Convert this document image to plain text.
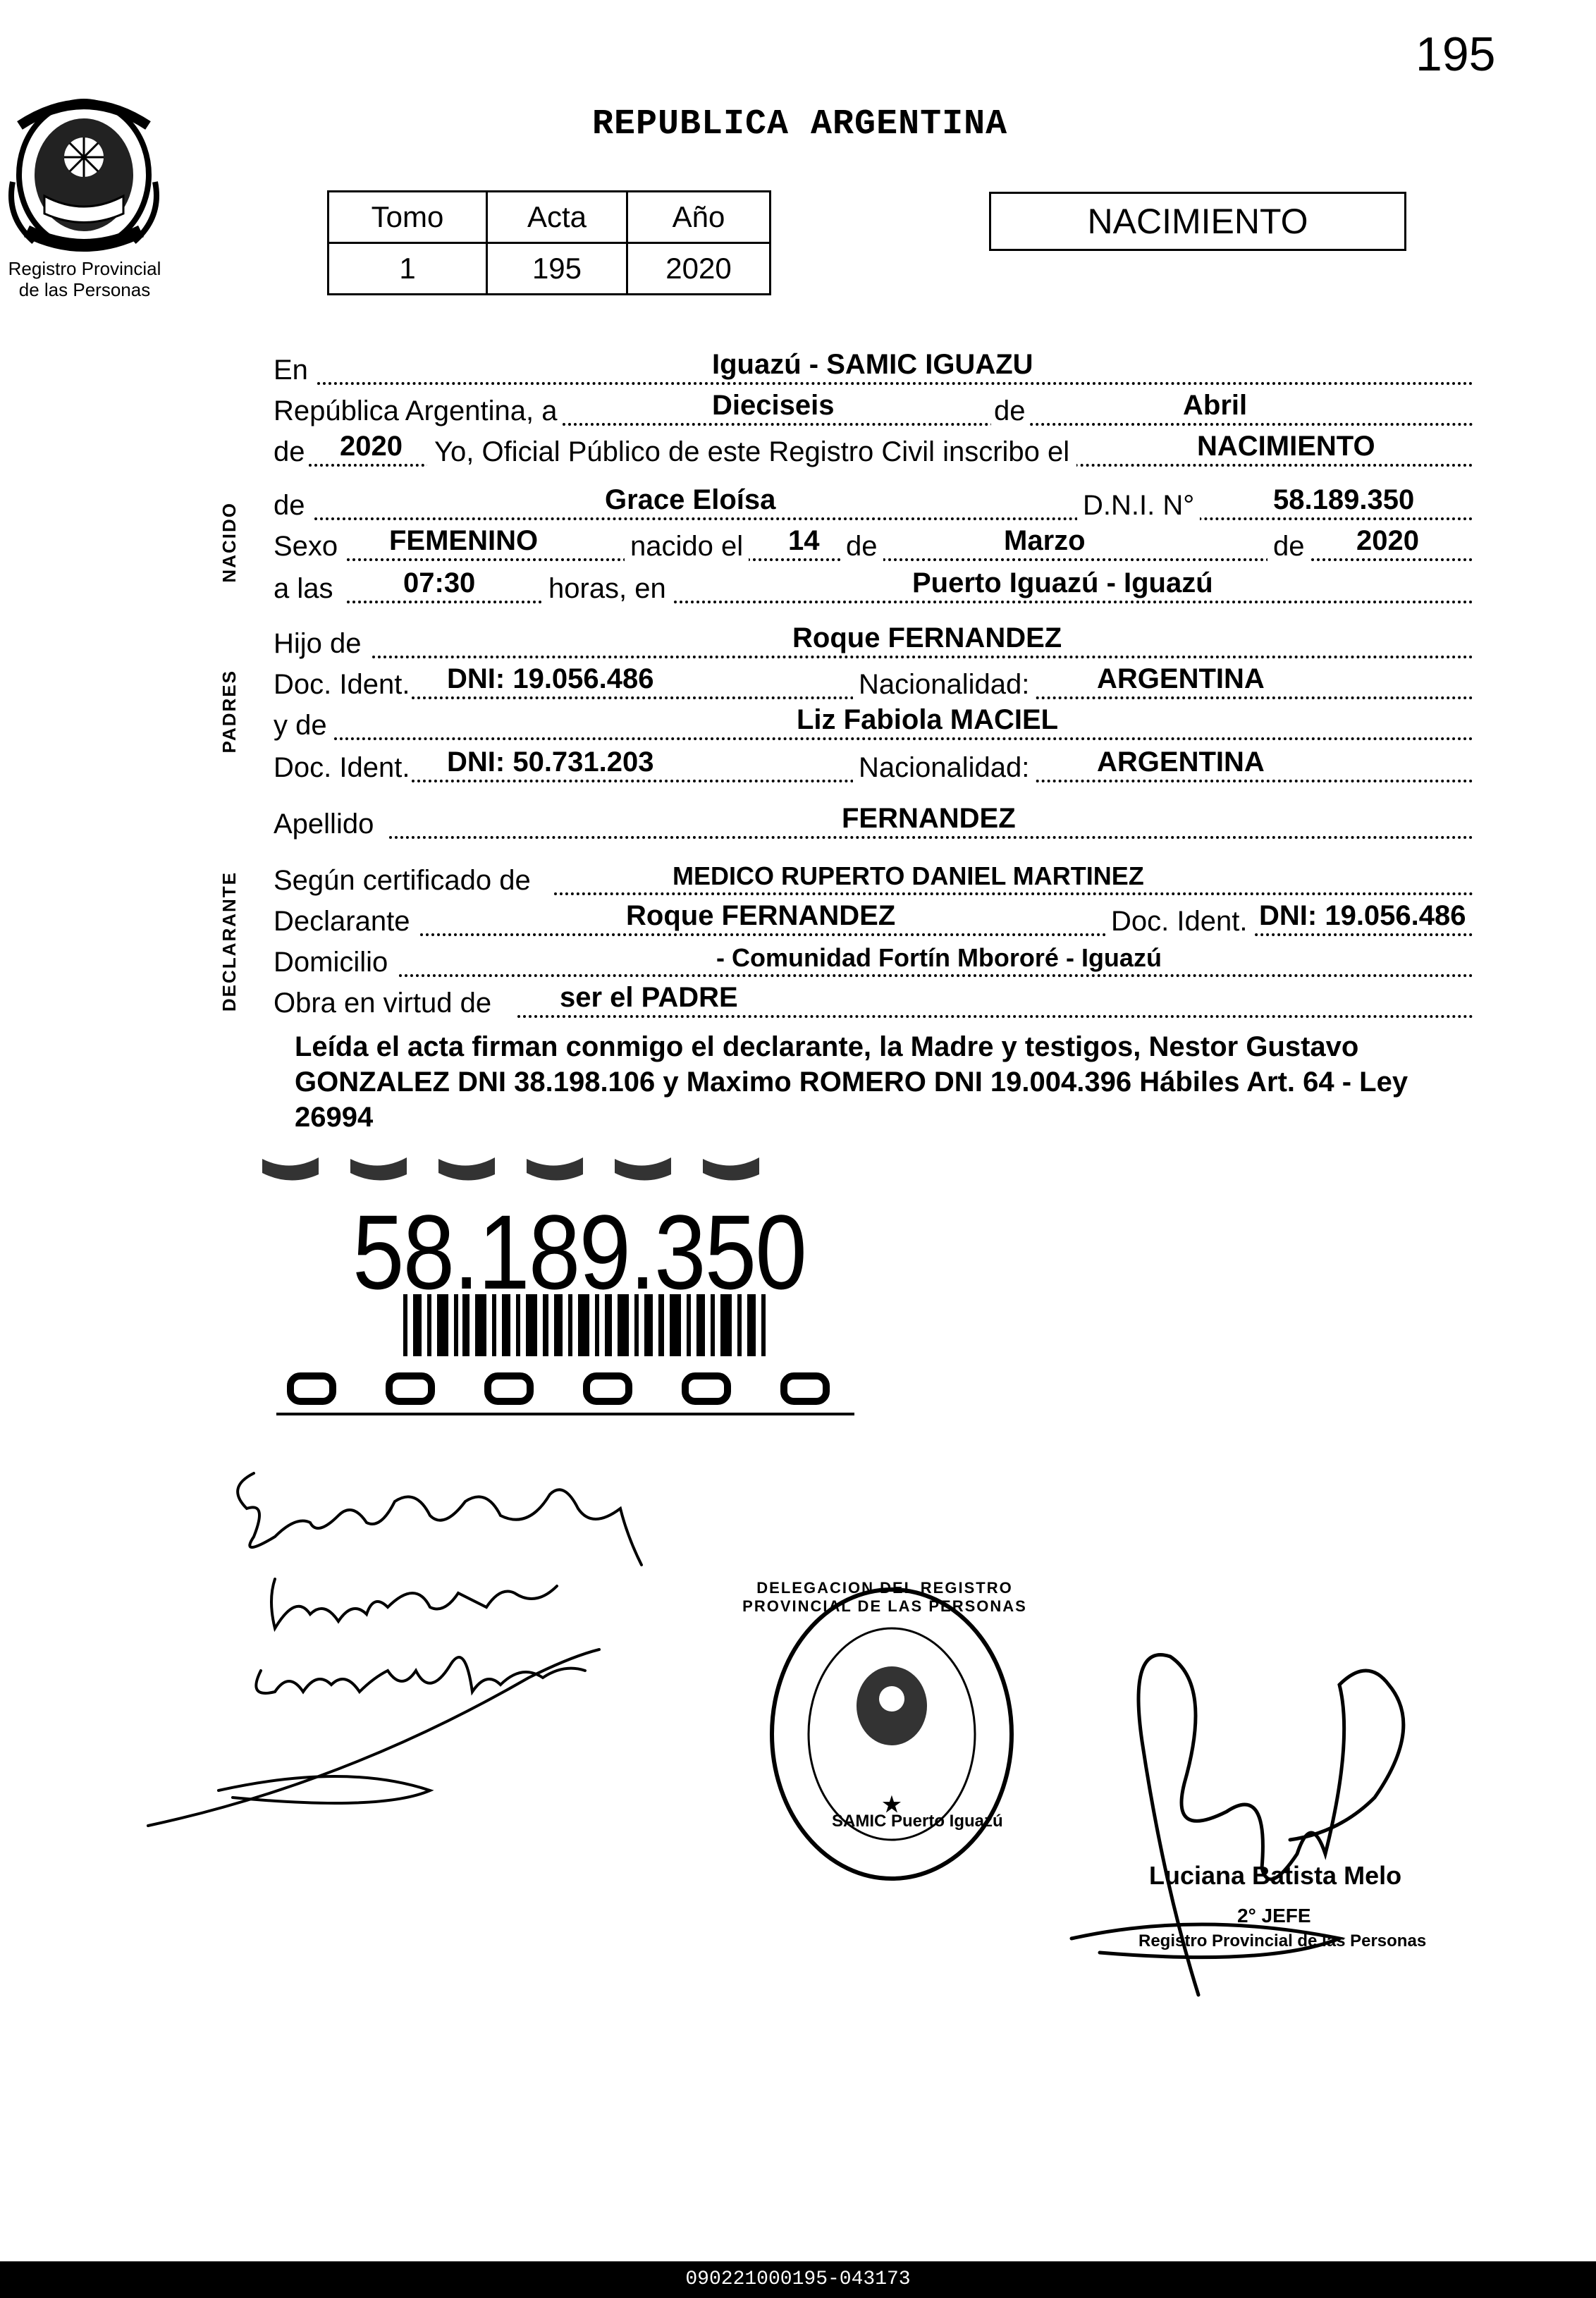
195
REPUBLICA ARGENTINA
Registro Provincial
de las Personas
Tomo	Acta	Año
1	195	2020
NACIMIENTO
NACIDO
PADRES
DECLARANTE
En	Iguazú - SAMIC IGUAZU
República Argentina, a	Dieciseis	de	Abril
de 2020 Yo, Oficial Público de este Registro Civil inscribo el	NACIMIENTO
de	Grace Eloísa	D.N.I. N°	58.189.350
Sexo FEMENINO	nacido el 14 de	Marzo	de 2020
a las 07:30	horas, en	Puerto Iguazú - Iguazú
Hijo de	Roque FERNANDEZ
Doc. Ident. DNI: 19.056.486	Nacionalidad: ARGENTINA
y de	Liz Fabiola MACIEL
Doc. Ident. DNI: 50.731.203	Nacionalidad: ARGENTINA
Apellido	FERNANDEZ
Según certificado de	MEDICO RUPERTO DANIEL MARTINEZ
Declarante	Roque FERNANDEZ	Doc. Ident. DNI: 19.056.486
Domicilio	- Comunidad Fortín Mbororé - Iguazú
Obra en virtud de ser el PADRE
Leída el acta firman conmigo el declarante, la Madre y testigos, Nestor Gustavo GONZALEZ DNI 38.198.106 y Maximo ROMERO DNI 19.004.396 Hábiles Art. 64 - Ley 26994
58.189.350
★
SAMIC Puerto Iguazú
DELEGACION DEL REGISTRO PROVINCIAL DE LAS PERSONAS
Luciana Batista Melo
2° JEFE
Registro Provincial de las Personas
090221000195-043173
